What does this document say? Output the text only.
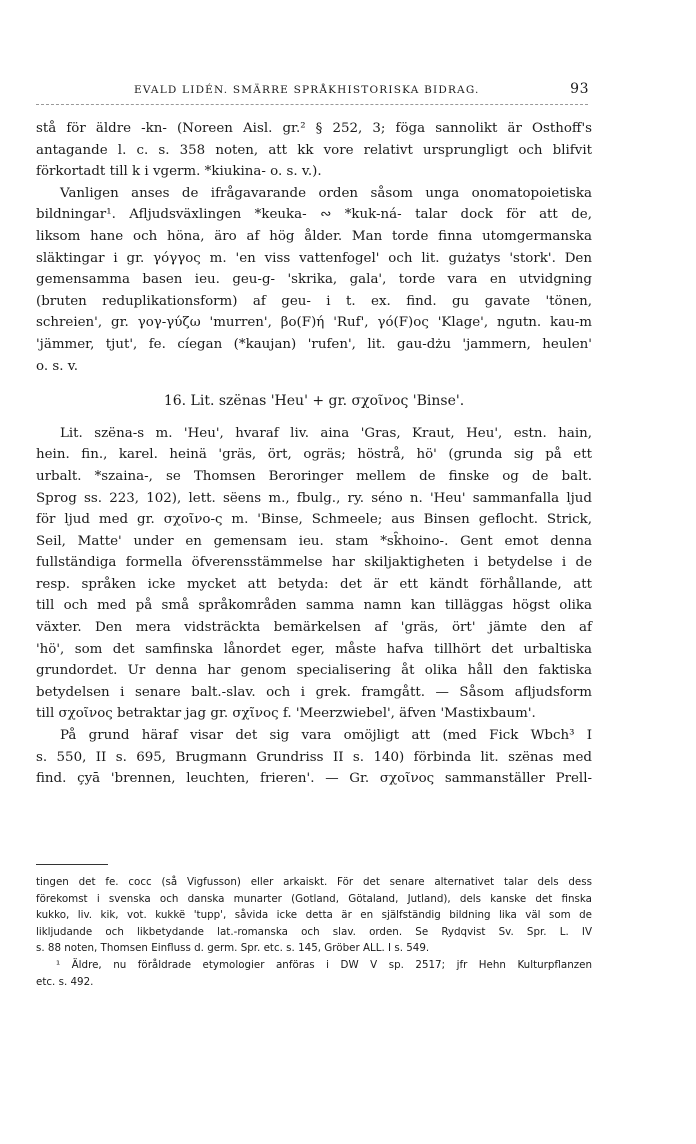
EVALD LIDÉN. SMÄRRE SPRÅKHISTORISKA BIDRAG.	93

stå för äldre -kn- (Noreen Aisl. gr.² § 252, 3; föga sannolikt är Osthoff's
antagande l. c. s. 358 noten, att kk vore relativt ursprungligt och blifvit
förkortadt till k i vgerm. *kiukina- o. s. v.).

Vanligen anses de ifrågavarande orden såsom unga onomatopoietiska
bildningar¹. Afljudsväxlingen *keuka- ∾ *kuk-ná- talar dock för att de,
liksom hane och höna, äro af hög ålder. Man torde finna utomgermanska
släktingar i gr. γόγγος m. 'en viss vattenfogel' och lit. gużatys 'stork'. Den
gemensamma basen ieu. geu-g- 'skrika, gala', torde vara en utvidgning
(bruten reduplikationsform) af geu- i t. ex. find. gu gavate 'tönen,
schreien', gr. γογ-γύζω 'murren', βο(F)ή 'Ruf', γό(F)ος 'Klage', ngutn. kau-m
'jämmer, tjut', fe. cíegan (*kaujan) 'rufen', lit. gau-dżu 'jammern, heulen'
o. s. v.

16. Lit. szënas 'Heu' + gr. σχοῖνος 'Binse'.

Lit. szëna-s m. 'Heu', hvaraf liv. aina 'Gras, Kraut, Heu', estn. hain,
hein. fin., karel. heinä 'gräs, ört, ogräs; höstrå, hö' (grunda sig på ett
urbalt. *szaina-, se Thomsen Beroringer mellem de finske og de balt.
Sprog ss. 223, 102), lett. sëens m., fbulg., ry. séno n. 'Heu' sammanfalla ljud
för ljud med gr. σχοῖνο-ς m. 'Binse, Schmeele; aus Binsen geflocht. Strick,
Seil, Matte' under en gemensam ieu. stam *sk̑hoino-. Gent emot denna
fullständiga formella öfverensstämmelse har skiljaktigheten i betydelse i de
resp. språken icke mycket att betyda: det är ett kändt förhållande, att
till och med på små språkområden samma namn kan tilläggas högst olika
växter. Den mera vidsträckta bemärkelsen af 'gräs, ört' jämte den af
'hö', som det samfinska lånordet eger, måste hafva tillhört det urbaltiska
grundordet. Ur denna har genom specialisering åt olika håll den faktiska
betydelsen i senare balt.-slav. och i grek. framgått. — Såsom afljudsform
till σχοῖνος betraktar jag gr. σχῖνος f. 'Meerzwiebel', äfven 'Mastixbaum'.

På grund häraf visar det sig vara omöjligt att (med Fick Wbch³ I
s. 550, II s. 695, Brugmann Grundriss II s. 140) förbinda lit. szënas med
find. çyā 'brennen, leuchten, frieren'. — Gr. σχοῖνος sammanställer Prell-

tingen det fe. cocc (så Vigfusson) eller arkaiskt. För det senare alternativet talar dels dess
förekomst i svenska och danska munarter (Gotland, Götaland, Jutland), dels kanske det finska
kukko, liv. kik, vot. kukkë 'tupp', såvida icke detta är en själfständig bildning lika väl som de
likljudande och likbetydande lat.-romanska och slav. orden. Se Rydqvist Sv. Spr. L. IV
s. 88 noten, Thomsen Einfluss d. germ. Spr. etc. s. 145, Gröber ALL. I s. 549.
¹ Äldre, nu föråldrade etymologier anföras i DW V sp. 2517; jfr Hehn Kulturpflanzen
etc. s. 492.
